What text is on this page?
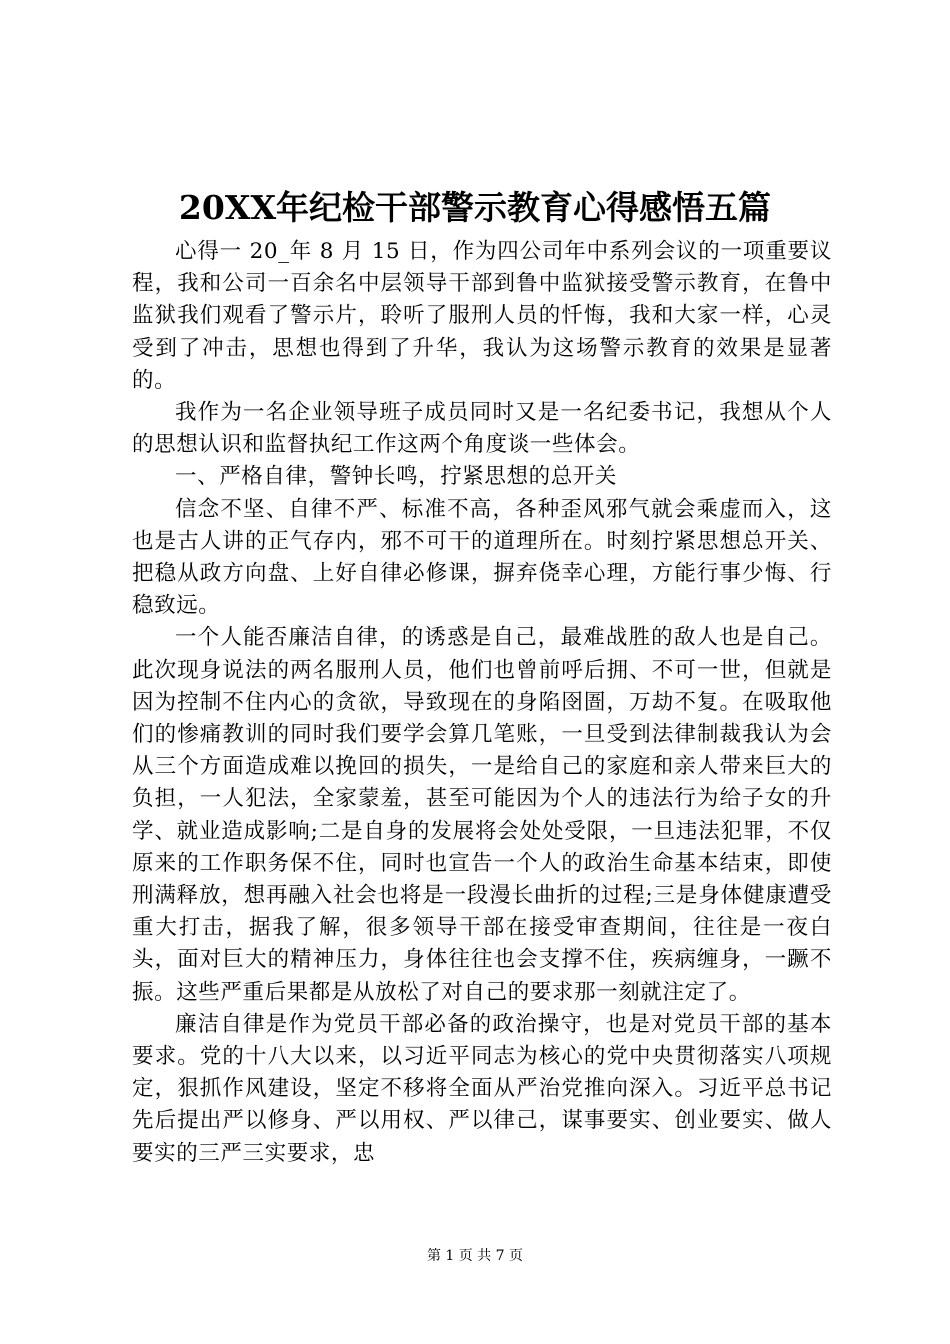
20XX年纪检干部警示教育心得感悟五篇

心得一 20_年 8 月 15 日，作为四公司年中系列会议的一项重要议程，我和公司一百余名中层领导干部到鲁中监狱接受警示教育，在鲁中监狱我们观看了警示片，聆听了服刑人员的忏悔，我和大家一样，心灵受到了冲击，思想也得到了升华，我认为这场警示教育的效果是显著的。

我作为一名企业领导班子成员同时又是一名纪委书记，我想从个人的思想认识和监督执纪工作这两个角度谈一些体会。

一、严格自律，警钟长鸣，拧紧思想的总开关

信念不坚、自律不严、标准不高，各种歪风邪气就会乘虚而入，这也是古人讲的正气存内，邪不可干的道理所在。时刻拧紧思想总开关、把稳从政方向盘、上好自律必修课，摒弃侥幸心理，方能行事少悔、行稳致远。

一个人能否廉洁自律，的诱惑是自己，最难战胜的敌人也是自己。此次现身说法的两名服刑人员，他们也曾前呼后拥、不可一世，但就是因为控制不住内心的贪欲，导致现在的身陷囹圄，万劫不复。在吸取他们的惨痛教训的同时我们要学会算几笔账，一旦受到法律制裁我认为会从三个方面造成难以挽回的损失，一是给自己的家庭和亲人带来巨大的负担，一人犯法，全家蒙羞，甚至可能因为个人的违法行为给子女的升学、就业造成影响;二是自身的发展将会处处受限，一旦违法犯罪，不仅原来的工作职务保不住，同时也宣告一个人的政治生命基本结束，即使刑满释放，想再融入社会也将是一段漫长曲折的过程;三是身体健康遭受重大打击，据我了解，很多领导干部在接受审查期间，往往是一夜白头，面对巨大的精神压力，身体往往也会支撑不住，疾病缠身，一蹶不振。这些严重后果都是从放松了对自己的要求那一刻就注定了。

廉洁自律是作为党员干部必备的政治操守，也是对党员干部的基本要求。党的十八大以来，以习近平同志为核心的党中央贯彻落实八项规定，狠抓作风建设，坚定不移将全面从严治党推向深入。习近平总书记先后提出严以修身、严以用权、严以律己，谋事要实、创业要实、做人要实的三严三实要求，忠

第 1 页 共 7 页
